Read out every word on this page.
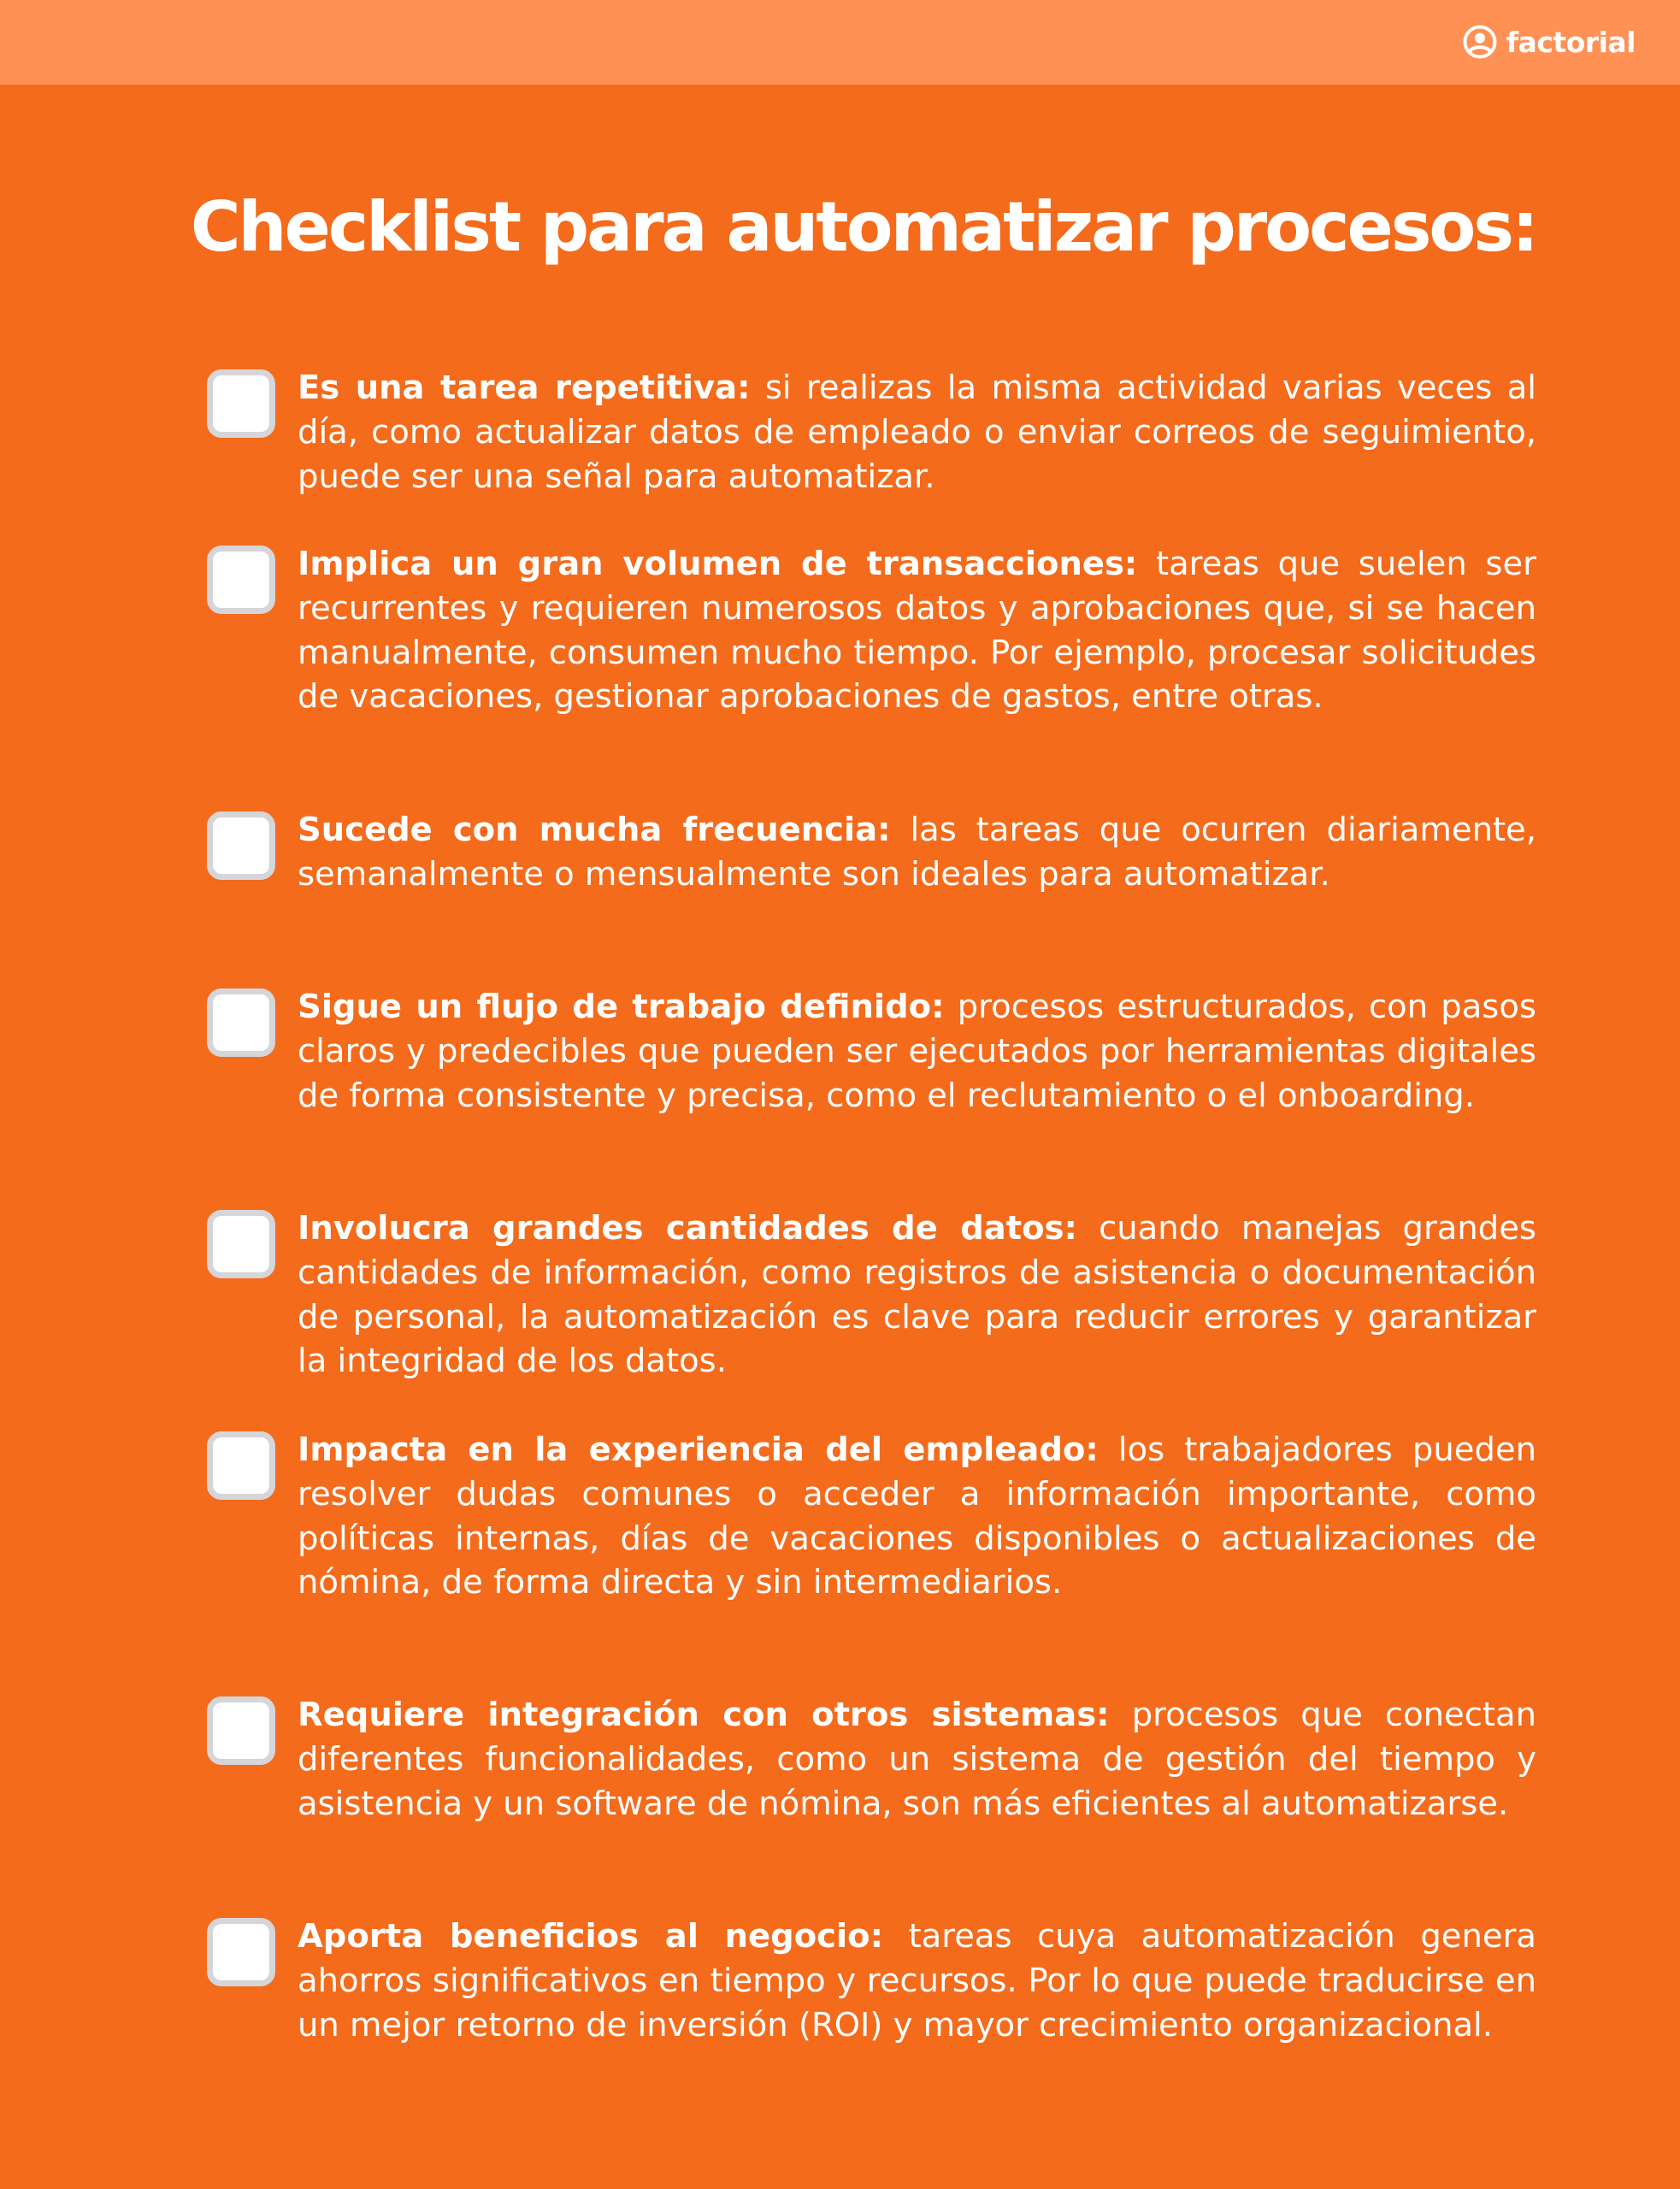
factorial
Checklist para automatizar procesos:

Es una tarea repetitiva: si realizas la misma actividad varias veces al día, como actualizar datos de empleado o enviar correos de seguimiento, puede ser una señal para automatizar.

Implica un gran volumen de transacciones: tareas que suelen ser recurrentes y requieren numerosos datos y aprobaciones que, si se hacen manualmente, consumen mucho tiempo. Por ejemplo, procesar solicitudes de vacaciones, gestionar aprobaciones de gastos, entre otras.

Sucede con mucha frecuencia: las tareas que ocurren diariamente, semanalmente o mensualmente son ideales para automatizar.

Sigue un flujo de trabajo definido: procesos estructurados, con pasos claros y predecibles que pueden ser ejecutados por herramientas digitales de forma consistente y precisa, como el reclutamiento o el onboarding.

Involucra grandes cantidades de datos: cuando manejas grandes cantidades de información, como registros de asistencia o documentación de personal, la automatización es clave para reducir errores y garantizar la integridad de los datos.

Impacta en la experiencia del empleado: los trabajadores pueden resolver dudas comunes o acceder a información importante, como políticas internas, días de vacaciones disponibles o actualizaciones de nómina, de forma directa y sin intermediarios.

Requiere integración con otros sistemas: procesos que conectan diferentes funcionalidades, como un sistema de gestión del tiempo y asistencia y un software de nómina, son más eficientes al automatizarse.

Aporta beneficios al negocio: tareas cuya automatización genera ahorros significativos en tiempo y recursos. Por lo que puede traducirse en un mejor retorno de inversión (ROI) y mayor crecimiento organizacional.
